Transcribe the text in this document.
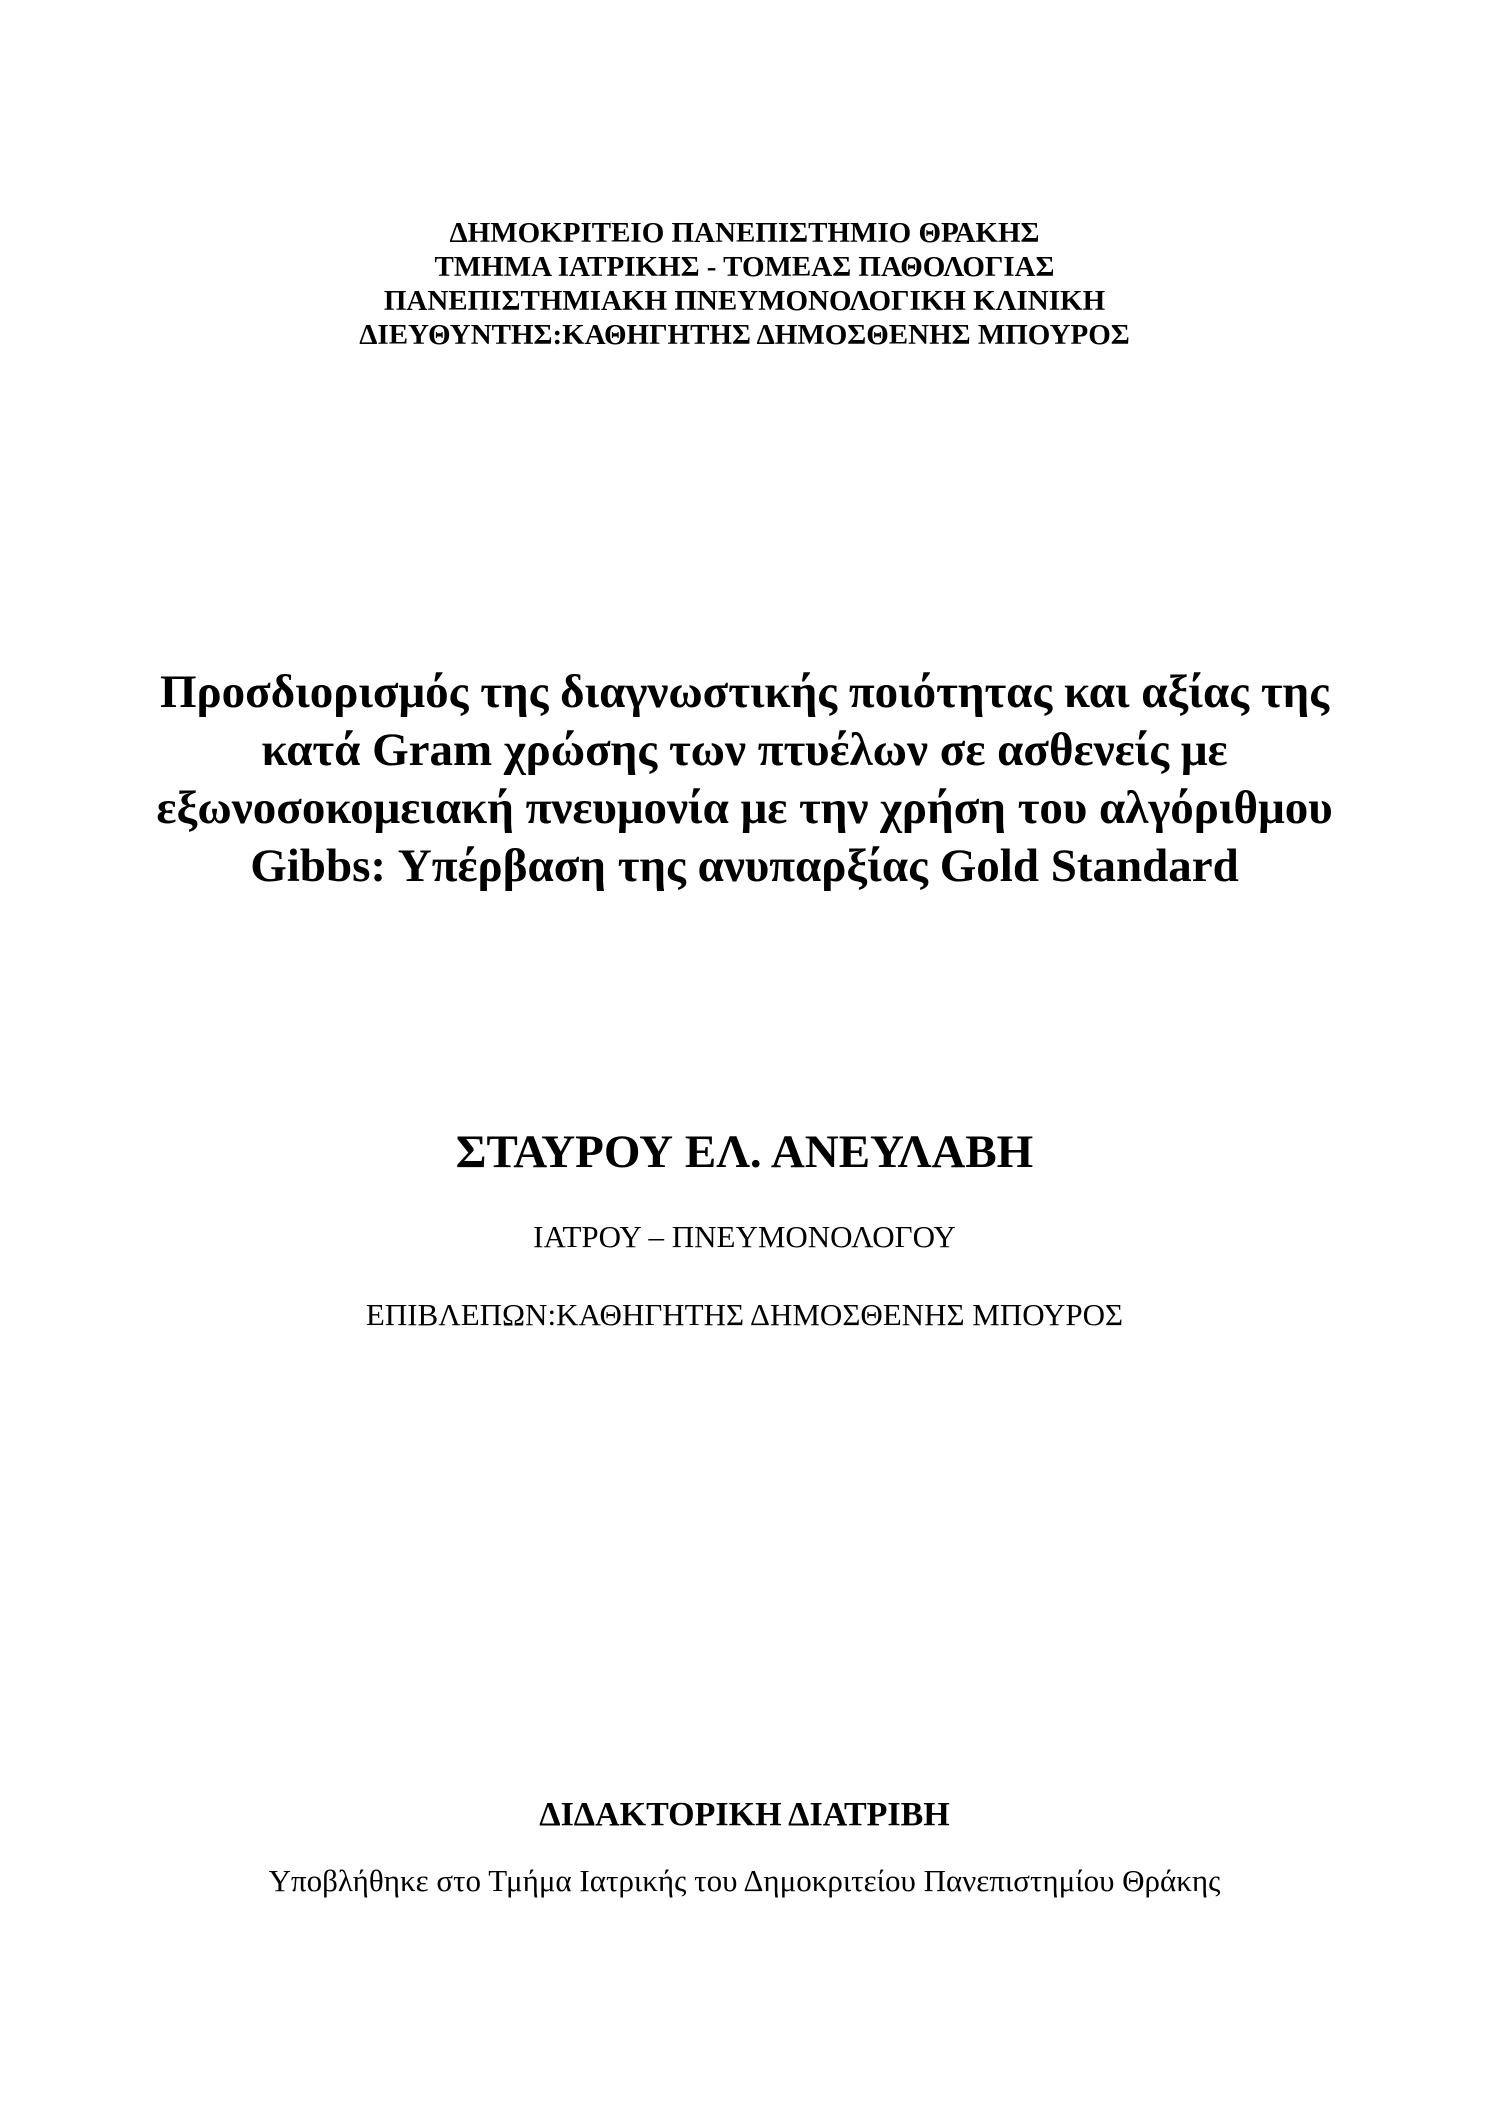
ΔΗΜΟΚΡΙΤΕΙΟ ΠΑΝΕΠΙΣΤΗΜΙΟ ΘΡΑΚΗΣ

ΤΜΗΜΑ ΙΑΤΡΙΚΗΣ - ΤΟΜΕΑΣ ΠΑΘΟΛΟΓΙΑΣ

ΠΑΝΕΠΙΣΤΗΜΙΑΚΗ ΠΝΕΥΜΟΝΟΛΟΓΙΚΗ ΚΛΙΝΙΚΗ

ΔΙΕΥΘΥΝΤΗΣ:ΚΑΘΗΓΗΤΗΣ ΔΗΜΟΣΘΕΝΗΣ ΜΠΟΥΡΟΣ

Προσδιορισμός της διαγνωστικής ποιότητας και αξίας της

κατά Gram χρώσης των πτυέλων σε ασθενείς με

εξωνοσοκομειακή πνευμονία με την χρήση του αλγόριθμου

Gibbs: Υπέρβαση της ανυπαρξίας Gold Standard

ΣΤΑΥΡΟΥ ΕΛ. ΑΝΕΥΛΑΒΗ

ΙΑΤΡΟΥ – ΠΝΕΥΜΟΝΟΛΟΓΟΥ

ΕΠΙΒΛΕΠΩΝ:ΚΑΘΗΓΗΤΗΣ ΔΗΜΟΣΘΕΝΗΣ ΜΠΟΥΡΟΣ

ΔΙΔΑΚΤΟΡΙΚΗ ΔΙΑΤΡΙΒΗ

Υποβλήθηκε στο Τμήμα Ιατρικής του Δημοκριτείου Πανεπιστημίου Θράκης
